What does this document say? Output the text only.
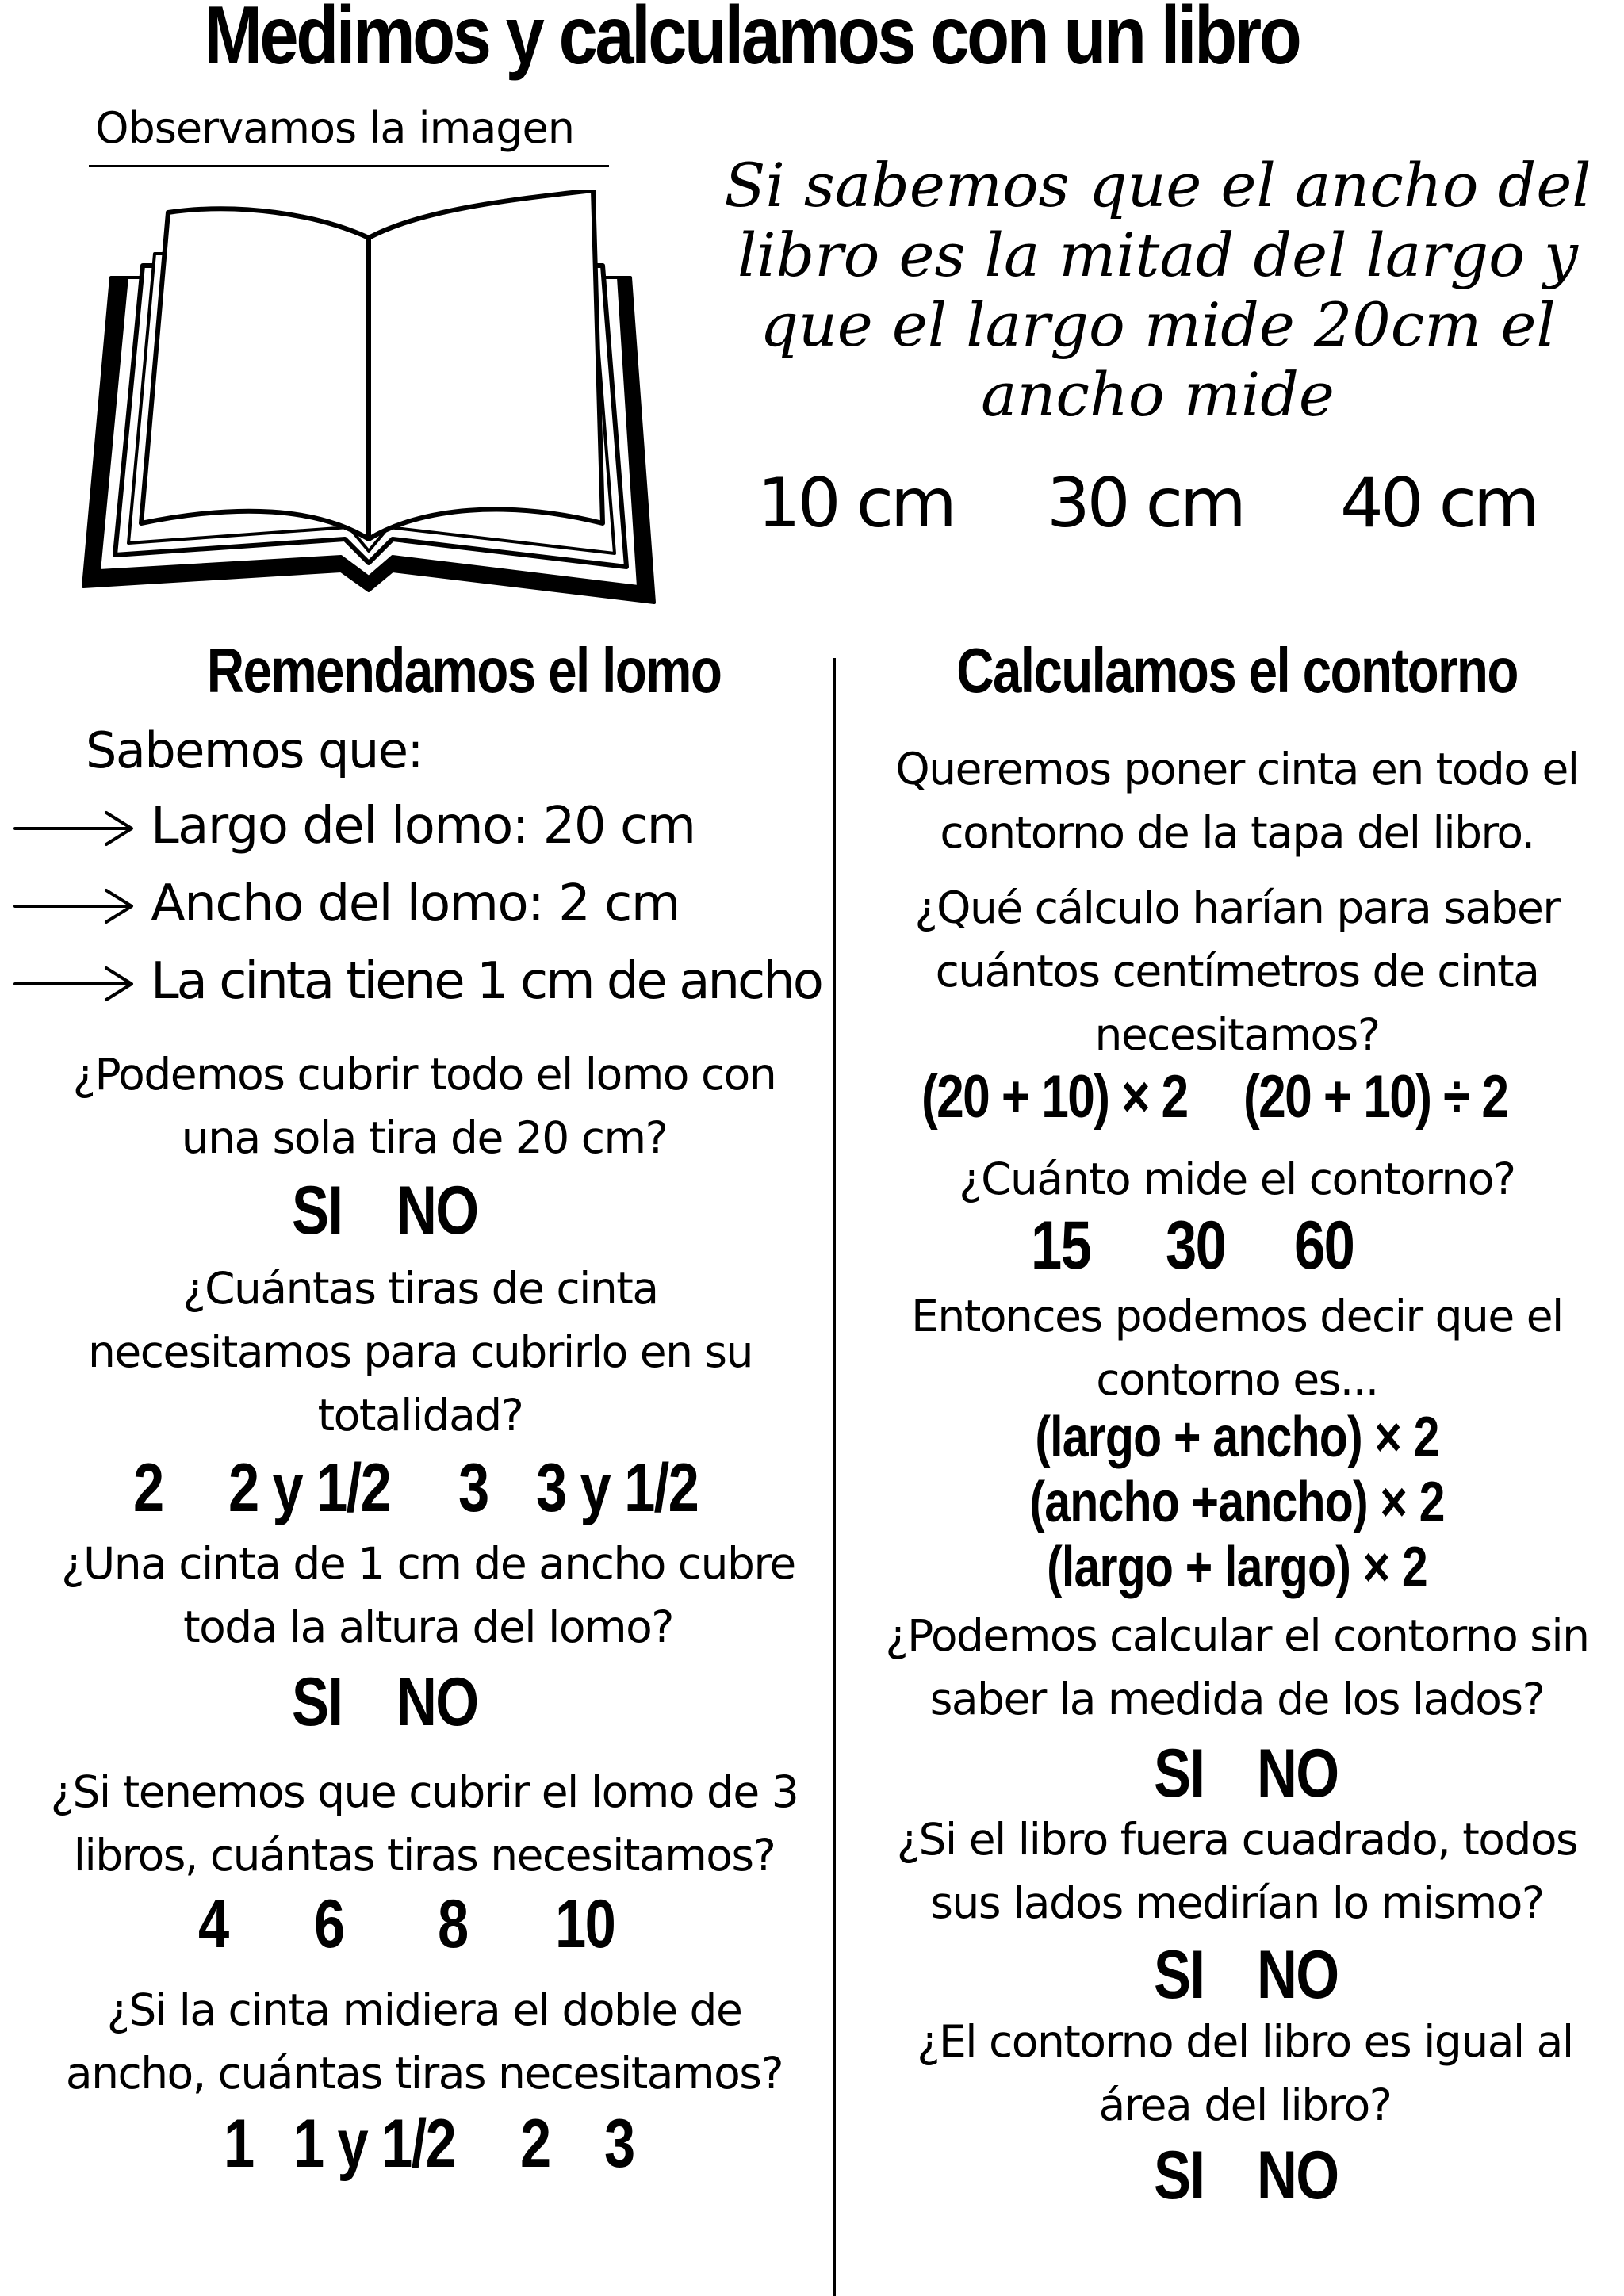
Medimos y calculamos con un libro
Observamos la imagen
Si sabemos que el ancho del
libro es la mitad del largo y
que el largo mide 20cm el
ancho mide
10 cm 30 cm 40 cm
Remendamos el lomo
Sabemos que:
Largo del lomo: 20 cm
Ancho del lomo: 2 cm
La cinta tiene 1 cm de ancho
¿Podemos cubrir todo el lomo con
una sola tira de 20 cm?
SI NO
¿Cuántas tiras de cinta
necesitamos para cubrirlo en su
totalidad?
2 2 y 1/2 3 3 y 1/2
¿Una cinta de 1 cm de ancho cubre
toda la altura del lomo?
SI NO
¿Si tenemos que cubrir el lomo de 3
libros, cuántas tiras necesitamos?
4 6 8 10
¿Si la cinta midiera el doble de
ancho, cuántas tiras necesitamos?
1 1 y 1/2 2 3
Calculamos el contorno
Queremos poner cinta en todo el
contorno de la tapa del libro.
¿Qué cálculo harían para saber
cuántos centímetros de cinta
necesitamos?
(20 + 10) × 2 (20 + 10) ÷ 2
¿Cuánto mide el contorno?
15 30 60
Entonces podemos decir que el
contorno es...
(largo + ancho) × 2
(ancho +ancho) × 2
(largo + largo) × 2
¿Podemos calcular el contorno sin
saber la medida de los lados?
SI NO
¿Si el libro fuera cuadrado, todos
sus lados medirían lo mismo?
SI NO
¿El contorno del libro es igual al
área del libro?
SI NO
